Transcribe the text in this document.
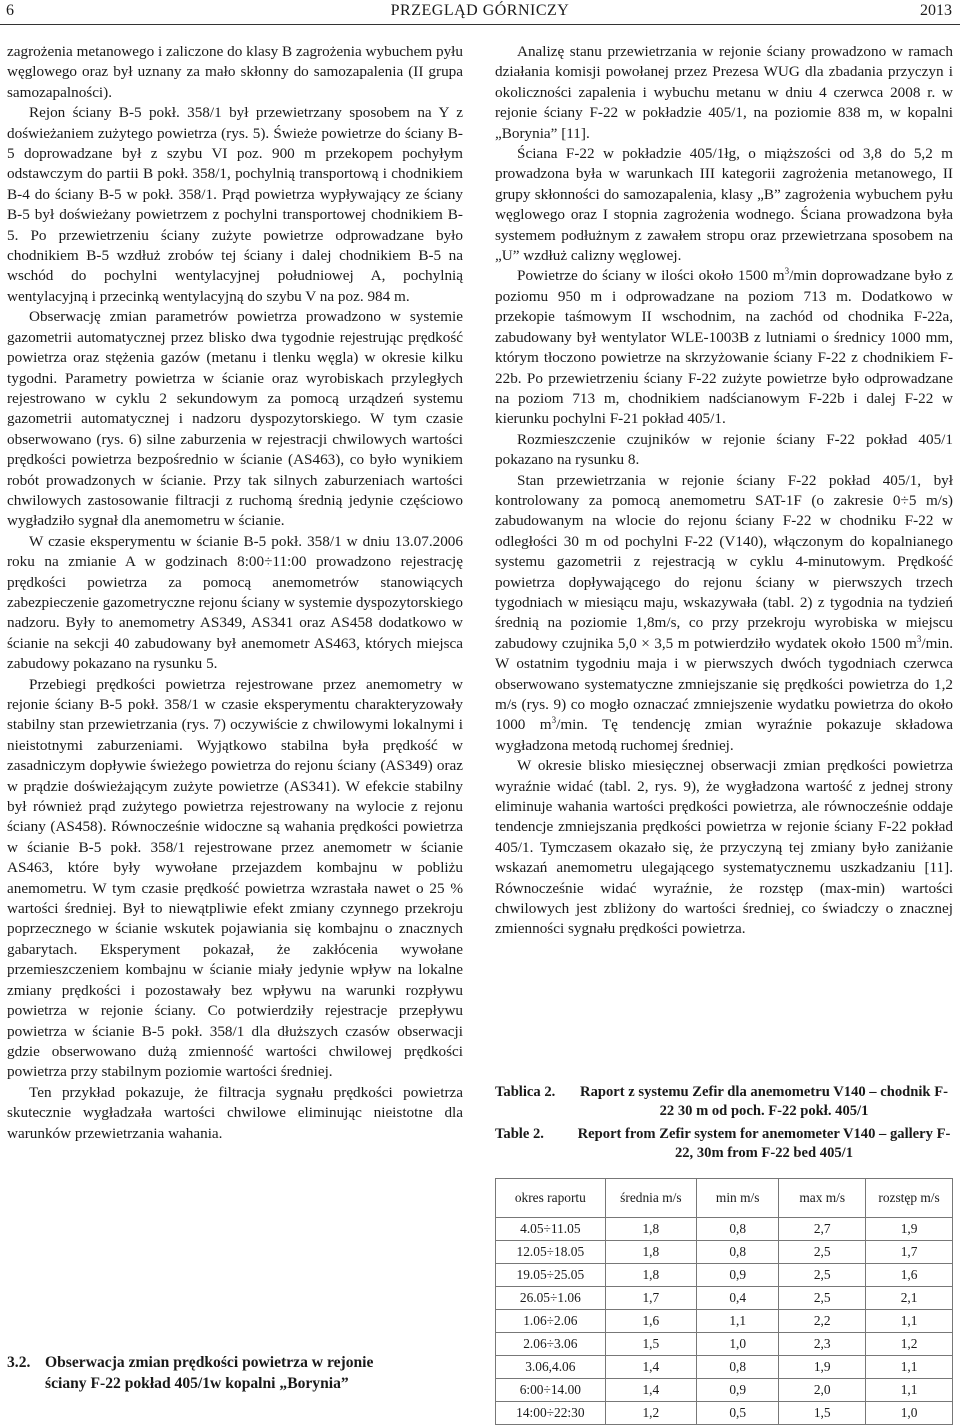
6	PRZEGLĄD GÓRNICZY	2013

zagrożenia metanowego i zaliczone do klasy B zagrożenia wybuchem pyłu węglowego oraz był uznany za mało skłonny do samozapalenia (II grupa samozapalności).

Rejon ściany B-5 pokł. 358/1 był przewietrzany sposobem na Y z doświeżaniem zużytego powietrza (rys. 5). Świeże powietrze do ściany B-5 doprowadzane był z szybu VI poz. 900 m przekopem pochyłym odstawczym do partii B pokł. 358/1, pochylnią transportową i chodnikiem B-4 do ściany B-5 w pokł. 358/1. Prąd powietrza wypływający ze ściany B-5 był doświeżany powietrzem z pochylni transportowej chodnikiem B-5. Po przewietrzeniu ściany zużyte powietrze odprowadzane było chodnikiem B-5 wzdłuż zrobów tej ściany i dalej chodnikiem B-5 na wschód do pochylni wentylacyjnej południowej A, pochylnią wentylacyjną i przecinką wentylacyjną do szybu V na poz. 984 m.

Obserwację zmian parametrów powietrza prowadzono w systemie gazometrii automatycznej przez blisko dwa tygodnie rejestrując prędkość powietrza oraz stężenia gazów (metanu i tlenku węgla) w okresie kilku tygodni. Parametry powietrza w ścianie oraz wyrobiskach przyległych rejestrowano w cyklu 2 sekundowym za pomocą urządzeń systemu gazometrii automatycznej i nadzoru dyspozytorskiego. W tym czasie obserwowano (rys. 6) silne zaburzenia w rejestracji chwilowych wartości prędkości powietrza bezpośrednio w ścianie (AS463), co było wynikiem robót prowadzonych w ścianie. Przy tak silnych zaburzeniach wartości chwilowych zastosowanie filtracji z ruchomą średnią jedynie częściowo wygładziło sygnał dla anemometru w ścianie.

W czasie eksperymentu w ścianie B-5 pokł. 358/1 w dniu 13.07.2006 roku na zmianie A w godzinach 8:00÷11:00 prowadzono rejestrację prędkości powietrza za pomocą anemometrów stanowiących zabezpieczenie gazometryczne rejonu ściany w systemie dyspozytorskiego nadzoru. Były to anemometry AS349, AS341 oraz AS458 dodatkowo w ścianie na sekcji 40 zabudowany był anemometr AS463, których miejsca zabudowy pokazano na rysunku 5.

Przebiegi prędkości powietrza rejestrowane przez anemometry w rejonie ściany B-5 pokł. 358/1 w czasie eksperymentu charakteryzowały stabilny stan przewietrzania (rys. 7) oczywiście z chwilowymi lokalnymi i nieistotnymi zaburzeniami. Wyjątkowo stabilna była prędkość w zasadniczym dopływie świeżego powietrza do rejonu ściany (AS349) oraz w prądzie doświeżającym zużyte powietrze (AS341). W efekcie stabilny był również prąd zużytego powietrza rejestrowany na wylocie z rejonu ściany (AS458). Równocześnie widoczne są wahania prędkości powietrza w ścianie B-5 pokł. 358/1 rejestrowane przez anemometr w ścianie AS463, które były wywołane przejazdem kombajnu w pobliżu anemometru. W tym czasie prędkość powietrza wzrastała nawet o 25 % wartości średniej. Był to niewątpliwie efekt zmiany czynnego przekroju poprzecznego w ścianie wskutek pojawiania się kombajnu o znacznych gabarytach. Eksperyment pokazał, że zakłócenia wywołane przemieszczeniem kombajnu w ścianie miały jedynie wpływ na lokalne zmiany prędkości i pozostawały bez wpływu na warunki rozpływu powietrza w rejonie ściany. Co potwierdziły rejestracje przepływu powietrza w ścianie B-5 pokł. 358/1 dla dłuższych czasów obserwacji gdzie obserwowano dużą zmienność wartości chwilowej prędkości powietrza przy stabilnym poziomie wartości średniej.

Ten przykład pokazuje, że filtracja sygnału prędkości powietrza skutecznie wygładzała wartości chwilowe eliminując nieistotne dla warunków przewietrzania wahania.

3.2. Obserwacja zmian prędkości powietrza w rejonie
ściany F-22 pokład 405/1w kopalni „Borynia”

Analizę stanu przewietrzania w rejonie ściany prowadzono w ramach działania komisji powołanej przez Prezesa WUG dla zbadania przyczyn i okoliczności zapalenia i wybuchu metanu w dniu 4 czerwca 2008 r. w rejonie ściany F-22 w pokładzie 405/1, na poziomie 838 m, w kopalni „Borynia” [11].

Ściana F-22 w pokładzie 405/1łg, o miąższości od 3,8 do 5,2 m prowadzona była w warunkach III kategorii zagrożenia metanowego, II grupy skłonności do samozapalenia, klasy „B” zagrożenia wybuchem pyłu węglowego oraz I stopnia zagrożenia wodnego. Ściana prowadzona była systemem podłużnym z zawałem stropu oraz przewietrzana sposobem na „U” wzdłuż calizny węglowej.

Powietrze do ściany w ilości około 1500 $m^3/\min$ doprowadzane było z poziomu 950 m i odprowadzane na poziom 713 m. Dodatkowo w przekopie taśmowym II wschodnim, na zachód od chodnika F-22a, zabudowany był wentylator WLE-1003B z lutniami o średnicy 1000 mm, którym tłoczono powietrze na skrzyżowanie ściany F-22 z chodnikiem F-22b. Po przewietrzeniu ściany F-22 zużyte powietrze było odprowadzane na poziom 713 m, chodnikiem nadścianowym F-22b i dalej F-22 w kierunku pochylni F-21 pokład 405/1.

Rozmieszczenie czujników w rejonie ściany F-22 pokład 405/1 pokazano na rysunku 8.

Stan przewietrzania w rejonie ściany F-22 pokład 405/1, był kontrolowany za pomocą anemometru SAT-1F (o zakresie 0÷5 m/s) zabudowanym na wlocie do rejonu ściany F-22 w chodniku F-22 w odległości 30 m od pochylni F-22 (V140), włączonym do kopalnianego systemu gazometrii z rejestracją w cyklu 4-minutowym. Prędkość powietrza dopływającego do rejonu ściany w pierwszych trzech tygodniach w miesiącu maju, wskazywała (tabl. 2) z tygodnia na tydzień średnią na poziomie 1,8m/s, co przy przekroju wyrobiska w miejscu zabudowy czujnika 5,0 × 3,5 m potwierdziło wydatek około 1500 $m^3/\min$. W ostatnim tygodniu maja i w pierwszych dwóch tygodniach czerwca obserwowano systematyczne zmniejszanie się prędkości powietrza do 1,2 m/s (rys. 9) co mogło oznaczać zmniejszenie wydatku powietrza do około 1000 $m^3/\min$. Tę tendencję zmian wyraźnie pokazuje składowa wygładzona metodą ruchomej średniej.

W okresie blisko miesięcznej obserwacji zmian prędkości powietrza wyraźnie widać (tabl. 2, rys. 9), że wygładzona wartość z jednej strony eliminuje wahania wartości prędkości powietrza, ale równocześnie oddaje tendencje zmniejszania prędkości powietrza w rejonie ściany F-22 pokład 405/1. Tymczasem okazało się, że przyczyną tej zmiany było zaniżanie wskazań anemometru ulegającego systematycznemu uszkadzaniu [11]. Równocześnie widać wyraźnie, że rozstęp (max-min) wartości chwilowych jest zbliżony do wartości średniej, co świadczy o znacznej zmienności sygnału prędkości powietrza.

Tablica 2.	Raport z systemu Zefir dla anemometru V140 – chodnik F-22 30 m od poch. F-22 pokł. 405/1
Table 2.	Report from Zefir system for anemometer V140 – gallery F-22, 30m from F-22 bed 405/1
okres raportu	średnia m/s	min m/s	max m/s	rozstęp m/s
4.05÷11.05	1,8	0,8	2,7	1,9
12.05÷18.05	1,8	0,8	2,5	1,7
19.05÷25.05	1,8	0,9	2,5	1,6
26.05÷1.06	1,7	0,4	2,5	2,1
1.06÷2.06	1,6	1,1	2,2	1,1
2.06÷3.06	1,5	1,0	2,3	1,2
3.06,4.06	1,4	0,8	1,9	1,1
6:00÷14.00	1,4	0,9	2,0	1,1
14:00÷22:30	1,2	0,5	1,5	1,0
